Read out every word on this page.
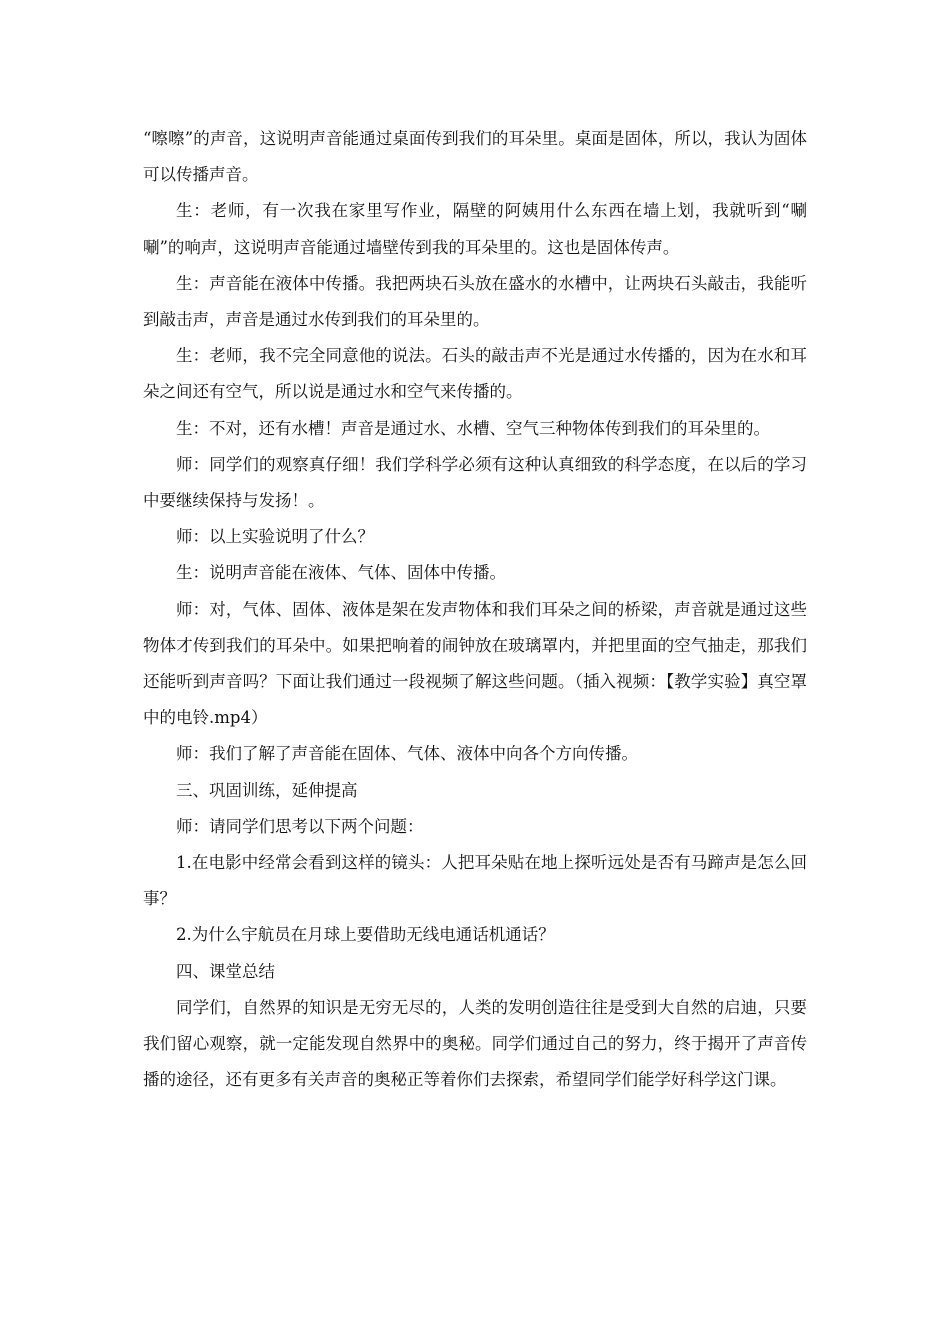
“嚓嚓”的声音，这说明声音能通过桌面传到我们的耳朵里。桌面是固体，所以，我认为固体可以传播声音。

生：老师，有一次我在家里写作业，隔壁的阿姨用什么东西在墙上划，我就听到“唰唰”的响声，这说明声音能通过墙壁传到我的耳朵里的。这也是固体传声。

生：声音能在液体中传播。我把两块石头放在盛水的水槽中，让两块石头敲击，我能听到敲击声，声音是通过水传到我们的耳朵里的。

生：老师，我不完全同意他的说法。石头的敲击声不光是通过水传播的，因为在水和耳朵之间还有空气，所以说是通过水和空气来传播的。

生：不对，还有水槽！声音是通过水、水槽、空气三种物体传到我们的耳朵里的。

师：同学们的观察真仔细！我们学科学必须有这种认真细致的科学态度，在以后的学习中要继续保持与发扬！。

师：以上实验说明了什么？

生：说明声音能在液体、气体、固体中传播。

师：对，气体、固体、液体是架在发声物体和我们耳朵之间的桥梁，声音就是通过这些物体才传到我们的耳朵中。如果把响着的闹钟放在玻璃罩内，并把里面的空气抽走，那我们还能听到声音吗？下面让我们通过一段视频了解这些问题。（插入视频：【教学实验】真空罩中的电铃.mp4）

师：我们了解了声音能在固体、气体、液体中向各个方向传播。

三、巩固训练，延伸提高

师：请同学们思考以下两个问题：

1.在电影中经常会看到这样的镜头：人把耳朵贴在地上探听远处是否有马蹄声是怎么回事？

2.为什么宇航员在月球上要借助无线电通话机通话？

四、课堂总结

同学们，自然界的知识是无穷无尽的，人类的发明创造往往是受到大自然的启迪，只要我们留心观察，就一定能发现自然界中的奥秘。同学们通过自己的努力，终于揭开了声音传播的途径，还有更多有关声音的奥秘正等着你们去探索，希望同学们能学好科学这门课。
